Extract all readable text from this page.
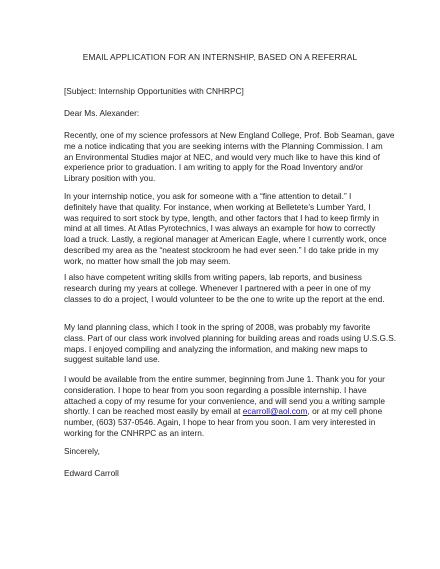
EMAIL APPLICATION FOR AN INTERNSHIP, BASED ON A REFERRAL

[Subject: Internship Opportunities with CNHRPC]

Dear Ms. Alexander:

Recently, one of my science professors at New England College, Prof. Bob Seaman, gave
me a notice indicating that you are seeking interns with the Planning Commission. I am
an Environmental Studies major at NEC, and would very much like to have this kind of
experience prior to graduation. I am writing to apply for the Road Inventory and/or
Library position with you.

In your internship notice, you ask for someone with a “fine attention to detail.” I
definitely have that quality. For instance, when working at Belletete’s Lumber Yard, I
was required to sort stock by type, length, and other factors that I had to keep firmly in
mind at all times. At Atlas Pyrotechnics, I was always an example for how to correctly
load a truck. Lastly, a regional manager at American Eagle, where I currently work, once
described my area as the “neatest stockroom he had ever seen.” I do take pride in my
work, no matter how small the job may seem.

I also have competent writing skills from writing papers, lab reports, and business
research during my years at college. Whenever I partnered with a peer in one of my
classes to do a project, I would volunteer to be the one to write up the report at the end.

My land planning class, which I took in the spring of 2008, was probably my favorite
class. Part of our class work involved planning for building areas and roads using U.S.G.S.
maps. I enjoyed compiling and analyzing the information, and making new maps to
suggest suitable land use.

I would be available from the entire summer, beginning from June 1. Thank you for your
consideration. I hope to hear from you soon regarding a possible internship. I have
attached a copy of my resume for your convenience, and will send you a writing sample
shortly. I can be reached most easily by email at ecarroll@aol.com, or at my cell phone
number, (603) 537-0546. Again, I hope to hear from you soon. I am very interested in
working for the CNHRPC as an intern.

Sincerely,

Edward Carroll
